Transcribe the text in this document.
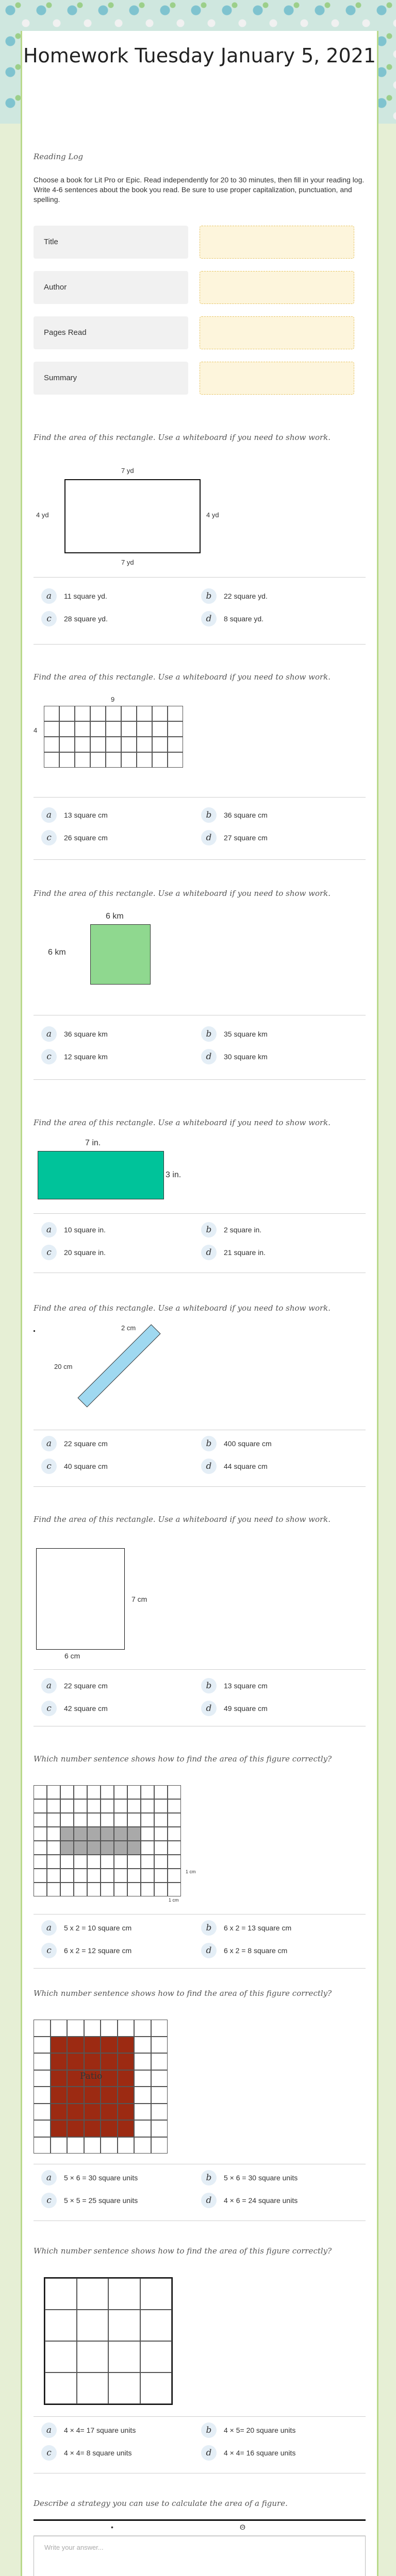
Homework Tuesday January 5, 2021
Reading Log
Choose a book for Lit Pro or Epic. Read independently for 20 to 30 minutes, then fill in your reading log. Write 4-6 sentences about the book you read. Be sure to use proper capitalization, punctuation, and spelling.
Title
Author
Pages Read
Summary
Find the area of this rectangle. Use a whiteboard if you need to show work.
7 yd
4 yd	4 yd
7 yd
a	11 square yd.	b	22 square yd.
c	28 square yd.	d	8 square yd.
Find the area of this rectangle. Use a whiteboard if you need to show work.
9
4
a	13 square cm	b	36 square cm
c	26 square cm	d	27 square cm
Find the area of this rectangle. Use a whiteboard if you need to show work.
6 km
6 km
a	36 square km	b	35 square km
c	12 square km	d	30 square km
Find the area of this rectangle. Use a whiteboard if you need to show work.
7 in.
3 in.
a	10 square in.	b	2 square in.
c	20 square in.	d	21 square in.
Find the area of this rectangle. Use a whiteboard if you need to show work.
2 cm
20 cm
a	22 square cm	b	400 square cm
c	40 square cm	d	44 square cm
Find the area of this rectangle. Use a whiteboard if you need to show work.
7 cm
6 cm
a	22 square cm	b	13 square cm
c	42 square cm	d	49 square cm
Which number sentence shows how to find the area of this figure correctly?
1 cm
1 cm
a	5 x 2 = 10 square cm	b	6 x 2 = 13 square cm
c	6 x 2 = 12 square cm	d	6 x 2 = 8 square cm
Which number sentence shows how to find the area of this figure correctly?
Patio
a	5 × 6 = 30 square units	b	5 × 6 = 30 square units
c	5 × 5 = 25 square units	d	4 × 6 = 24 square units
Which number sentence shows how to find the area of this figure correctly?
a	4 × 4= 17 square units	b	4 × 5= 20 square units
c	4 × 4= 8 square units	d	4 × 4= 16 square units
Describe a strategy you can use to calculate the area of a figure.
•	Θ
Write your answer...
